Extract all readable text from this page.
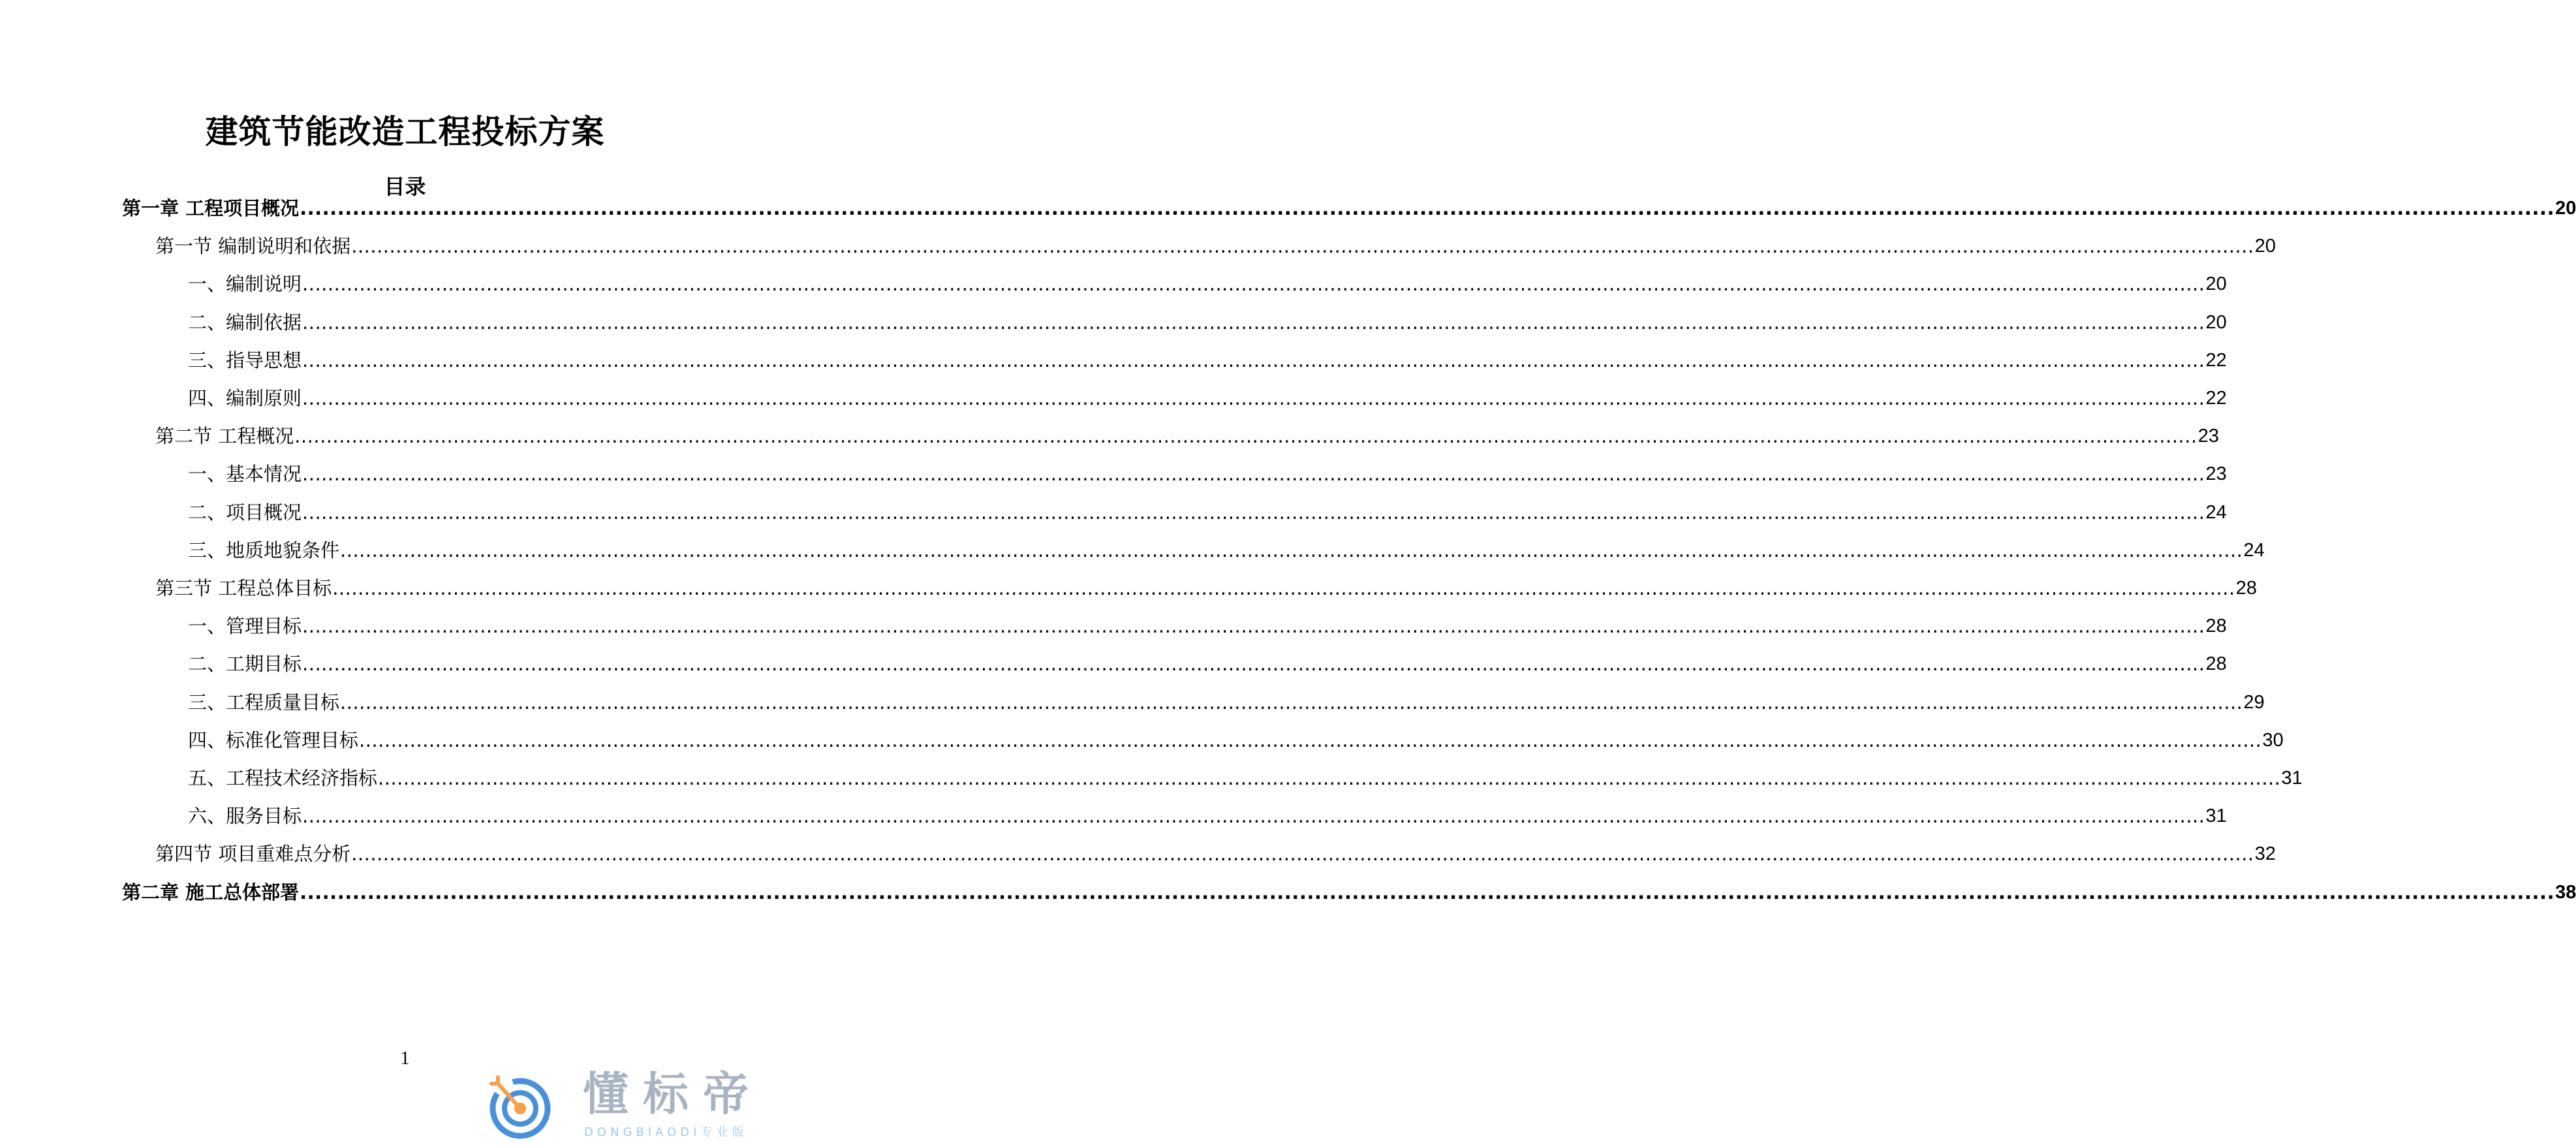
建筑节能改造工程投标方案
目录
第一章 工程项目概况 ............................................................................................................................................................................................................................................................................................................ 20
第一节 编制说明和依据 ............................................................................................................................................................................................................................................................................................................ 20
一、编制说明 ............................................................................................................................................................................................................................................................................................................ 20
二、编制依据 ............................................................................................................................................................................................................................................................................................................ 20
三、指导思想 ............................................................................................................................................................................................................................................................................................................ 22
四、编制原则 ............................................................................................................................................................................................................................................................................................................ 22
第二节 工程概况 ............................................................................................................................................................................................................................................................................................................ 23
一、基本情况 ............................................................................................................................................................................................................................................................................................................ 23
二、项目概况 ............................................................................................................................................................................................................................................................................................................ 24
三、地质地貌条件 ............................................................................................................................................................................................................................................................................................................ 24
第三节 工程总体目标 ............................................................................................................................................................................................................................................................................................................ 28
一、管理目标 ............................................................................................................................................................................................................................................................................................................ 28
二、工期目标 ............................................................................................................................................................................................................................................................................................................ 28
三、工程质量目标 ............................................................................................................................................................................................................................................................................................................ 29
四、标准化管理目标 ............................................................................................................................................................................................................................................................................................................ 30
五、工程技术经济指标 ............................................................................................................................................................................................................................................................................................................ 31
六、服务目标 ............................................................................................................................................................................................................................................................................................................ 31
第四节 项目重难点分析 ............................................................................................................................................................................................................................................................................................................ 32
第二章 施工总体部署 ............................................................................................................................................................................................................................................................................................................ 38
1
懂标帝
DONGBIAODI专业版
